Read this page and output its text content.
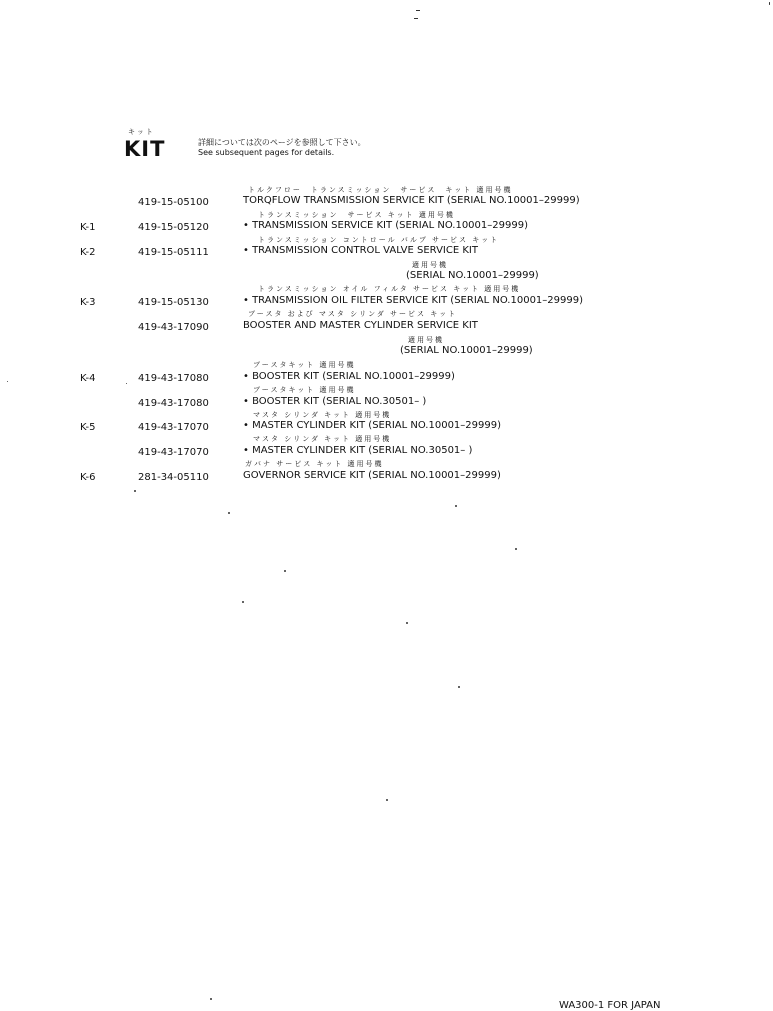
キット
KIT	詳細については次のページを参照して下さい。
See subsequent pages for details.
トルクフロー　トランスミッション　サービス　キット 適用号機
419-15-05100	TORQFLOW TRANSMISSION SERVICE KIT (SERIAL NO.10001–29999)
トランスミッション　サービス キット 適用号機
K-1	419-15-05120	• TRANSMISSION SERVICE KIT (SERIAL NO.10001–29999)
トランスミッション コントロール バルブ サービス キット
K-2	419-15-05111	• TRANSMISSION CONTROL VALVE SERVICE KIT
適用号機
(SERIAL NO.10001–29999)
トランスミッション オイル フィルタ サービス キット 適用号機
K-3	419-15-05130	• TRANSMISSION OIL FILTER SERVICE KIT (SERIAL NO.10001–29999)
ブースタ および マスタ シリンダ サービス キット
419-43-17090	BOOSTER AND MASTER CYLINDER SERVICE KIT
適用号機
(SERIAL NO.10001–29999)
ブースタキット 適用号機
K-4	419-43-17080	• BOOSTER KIT (SERIAL NO.10001–29999)
ブースタキット 適用号機
419-43-17080	• BOOSTER KIT (SERIAL NO.30501– )
マスタ シリンダ キット 適用号機
K-5	419-43-17070	• MASTER CYLINDER KIT (SERIAL NO.10001–29999)
マスタ シリンダ キット 適用号機
419-43-17070	• MASTER CYLINDER KIT (SERIAL NO.30501– )
ガバナ サービス キット 適用号機
K-6	281-34-05110	GOVERNOR SERVICE KIT (SERIAL NO.10001–29999)
WA300-1 FOR JAPAN
